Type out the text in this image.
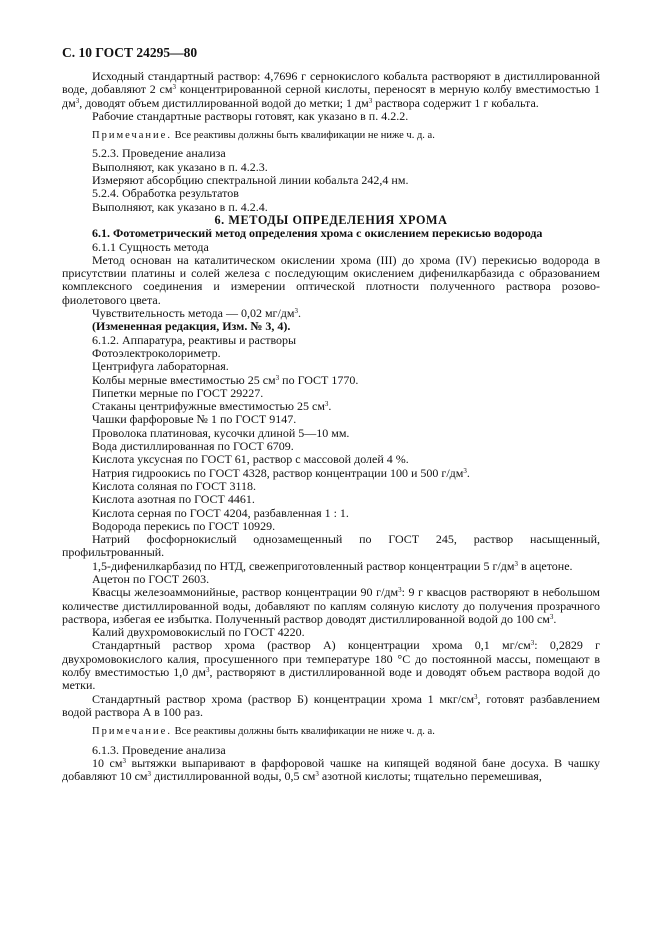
С. 10 ГОСТ 24295—80

Исходный стандартный раствор: 4,7696 г сернокислого кобальта растворяют в дистиллированной воде, добавляют 2 $см^3$ концентрированной серной кислоты, переносят в мерную колбу вместимостью 1 $дм^3$, доводят объем дистиллированной водой до метки; 1 $дм^3$ раствора содержит 1 г кобальта.

Рабочие стандартные растворы готовят, как указано в п. 4.2.2.

Примечание. Все реактивы должны быть квалификации не ниже ч. д. а.

5.2.3. Проведение анализа

Выполняют, как указано в п. 4.2.3.

Измеряют абсорбцию спектральной линии кобальта 242,4 нм.

5.2.4. Обработка результатов

Выполняют, как указано в п. 4.2.4.

6. МЕТОДЫ ОПРЕДЕЛЕНИЯ ХРОМА

6.1. Фотометрический метод определения хрома с окислением перекисью водорода

6.1.1 Сущность метода

Метод основан на каталитическом окислении хрома (III) до хрома (IV) перекисью водорода в присутствии платины и солей железа с последующим окислением дифенилкарбазида с образованием комплексного соединения и измерении оптической плотности полученного раствора розово-фиолетового цвета.

Чувствительность метода — 0,02 $мг/дм^3$.

(Измененная редакция, Изм. № 3, 4).

6.1.2. Аппаратура, реактивы и растворы

Фотоэлектроколориметр.

Центрифуга лабораторная.

Колбы мерные вместимостью 25 $см^3$ по ГОСТ 1770.

Пипетки мерные по ГОСТ 29227.

Стаканы центрифужные вместимостью 25 $см^3$.

Чашки фарфоровые № 1 по ГОСТ 9147.

Проволока платиновая, кусочки длиной 5—10 мм.

Вода дистиллированная по ГОСТ 6709.

Кислота уксусная по ГОСТ 61, раствор с массовой долей 4 %.

Натрия гидроокись по ГОСТ 4328, раствор концентрации 100 и 500 $г/дм^3$.

Кислота соляная по ГОСТ 3118.

Кислота азотная по ГОСТ 4461.

Кислота серная по ГОСТ 4204, разбавленная 1 : 1.

Водорода перекись по ГОСТ 10929.

Натрий фосфорнокислый однозамещенный по ГОСТ 245, раствор насыщенный, профильтрованный.

1,5-дифенилкарбазид по НТД, свежеприготовленный раствор концентрации 5 $г/дм^3$ в ацетоне.

Ацетон по ГОСТ 2603.

Квасцы железоаммонийные, раствор концентрации 90 $г/дм^3$: 9 г квасцов растворяют в небольшом количестве дистиллированной воды, добавляют по каплям соляную кислоту до получения прозрачного раствора, избегая ее избытка. Полученный раствор доводят дистиллированной водой до 100 $см^3$.

Калий двухромовокислый по ГОСТ 4220.

Стандартный раствор хрома (раствор А) концентрации хрома 0,1 $мг/см^3$: 0,2829 г двухромовокислого калия, просушенного при температуре 180 °С до постоянной массы, помещают в колбу вместимостью 1,0 $дм^3$, растворяют в дистиллированной воде и доводят объем раствора водой до метки.

Стандартный раствор хрома (раствор Б) концентрации хрома 1 мкг/$см^3$, готовят разбавлением водой раствора А в 100 раз.

Примечание. Все реактивы должны быть квалификации не ниже ч. д. а.

6.1.3. Проведение анализа

10 $см^3$ вытяжки выпаривают в фарфоровой чашке на кипящей водяной бане досуха. В чашку добавляют 10 $см^3$ дистиллированной воды, 0,5 $см^3$ азотной кислоты; тщательно перемешивая,
